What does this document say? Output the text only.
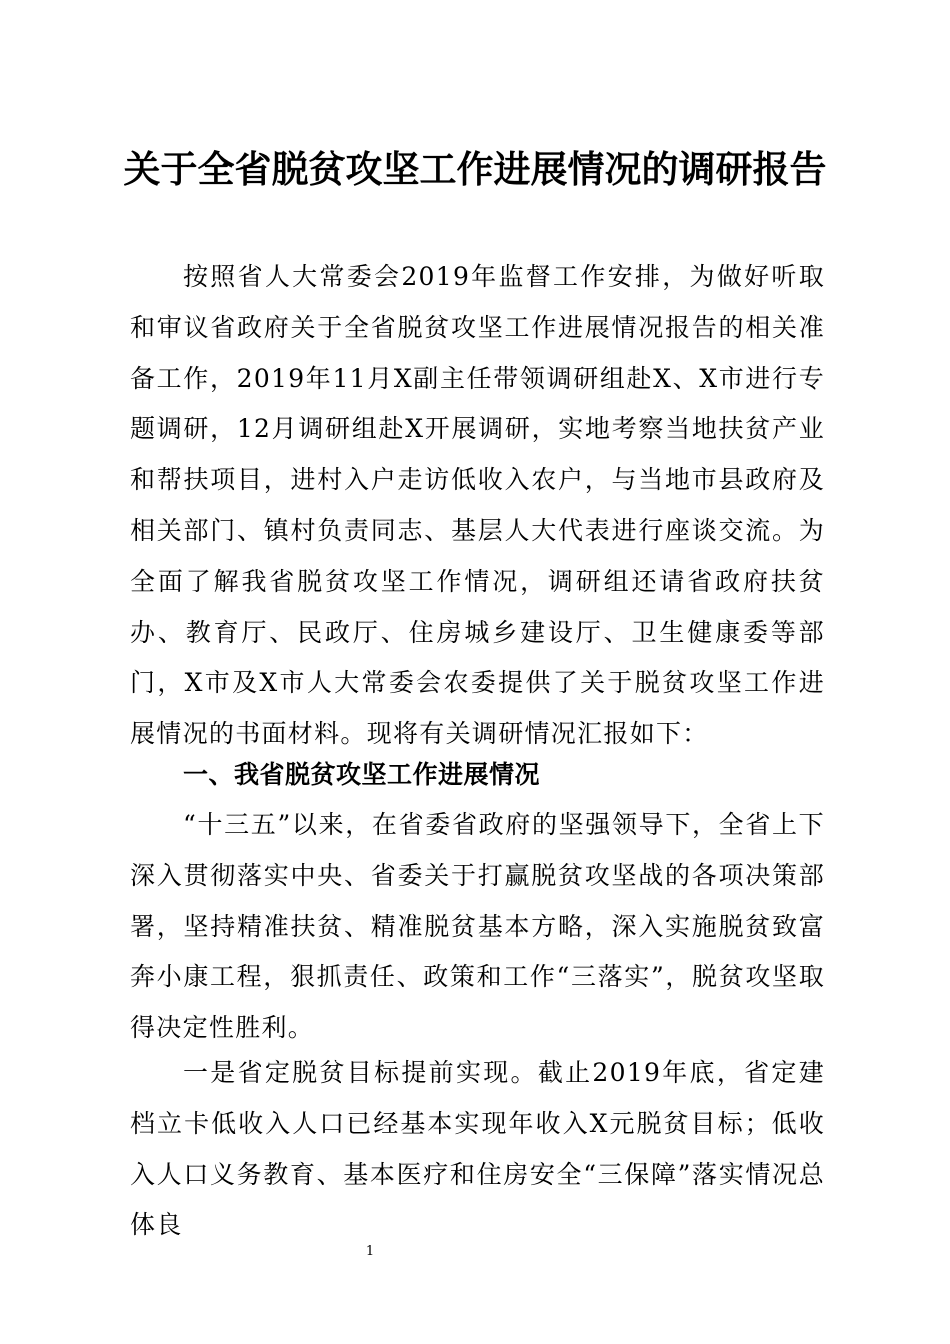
关于全省脱贫攻坚工作进展情况的调研报告

按照省人大常委会2019年监督工作安排，为做好听取和审议省政府关于全省脱贫攻坚工作进展情况报告的相关准备工作，2019年11月X副主任带领调研组赴X、X市进行专题调研，12月调研组赴X开展调研，实地考察当地扶贫产业和帮扶项目，进村入户走访低收入农户，与当地市县政府及相关部门、镇村负责同志、基层人大代表进行座谈交流。为全面了解我省脱贫攻坚工作情况，调研组还请省政府扶贫办、教育厅、民政厅、住房城乡建设厅、卫生健康委等部门，X市及X市人大常委会农委提供了关于脱贫攻坚工作进展情况的书面材料。现将有关调研情况汇报如下：

一、我省脱贫攻坚工作进展情况

“十三五”以来，在省委省政府的坚强领导下，全省上下深入贯彻落实中央、省委关于打赢脱贫攻坚战的各项决策部署，坚持精准扶贫、精准脱贫基本方略，深入实施脱贫致富奔小康工程，狠抓责任、政策和工作“三落实”，脱贫攻坚取得决定性胜利。

一是省定脱贫目标提前实现。截止2019年底，省定建档立卡低收入人口已经基本实现年收入X元脱贫目标；低收入人口义务教育、基本医疗和住房安全“三保障”落实情况总体良

1
